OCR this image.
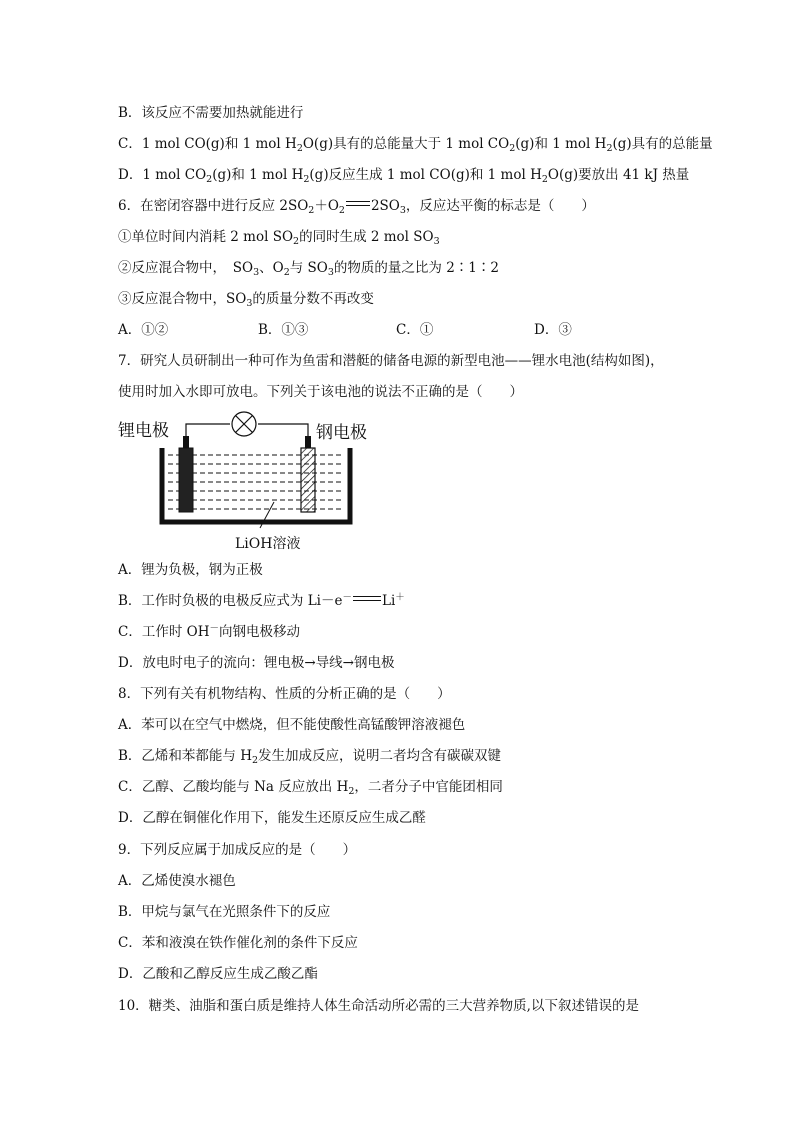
B．该反应不需要加热就能进行
C．1 mol CO(g)和 1 mol $H_2O(g)$具有的总能量大于 1 mol $CO_2(g)$和 1 mol $H_2(g)$具有的总能量
D．1 mol $CO_2(g)$和 1 mol $H_2(g)$反应生成 1 mol CO(g)和 1 mol $H_2O(g)$要放出 41 kJ 热量
6．在密闭容器中进行反应 $2SO_2+O_2$ $2SO_3$，反应达平衡的标志是（　　）
①单位时间内消耗 2 mol $SO_2$的同时生成 2 mol $SO_3$
②反应混合物中，　$SO_3$、$O_2$与 $SO_3$的物质的量之比为 2∶1∶2
③反应混合物中，$SO_3$的质量分数不再改变
A．①②	B．①③	C．①	D．③
7．研究人员研制出一种可作为鱼雷和潜艇的储备电源的新型电池——锂水电池(结构如图)，
使用时加入水即可放电。下列关于该电池的说法不正确的是（　　）
锂电极	钢电极
LiOH溶液
A．锂为负极，钢为正极
B．工作时负极的电极反应式为 Li－e－ Li＋
C．工作时 OH－向钢电极移动
D．放电时电子的流向：锂电极→导线→钢电极
8．下列有关有机物结构、性质的分析正确的是（　　）
A．苯可以在空气中燃烧，但不能使酸性高锰酸钾溶液褪色
B．乙烯和苯都能与 $H_2$发生加成反应，说明二者均含有碳碳双键
C．乙醇、乙酸均能与 Na 反应放出 $H_2$，二者分子中官能团相同
D．乙醇在铜催化作用下，能发生还原反应生成乙醛
9．下列反应属于加成反应的是（　　）
A．乙烯使溴水褪色
B．甲烷与氯气在光照条件下的反应
C．苯和液溴在铁作催化剂的条件下反应
D．乙酸和乙醇反应生成乙酸乙酯
10．糖类、油脂和蛋白质是维持人体生命活动所必需的三大营养物质,以下叙述错误的是
